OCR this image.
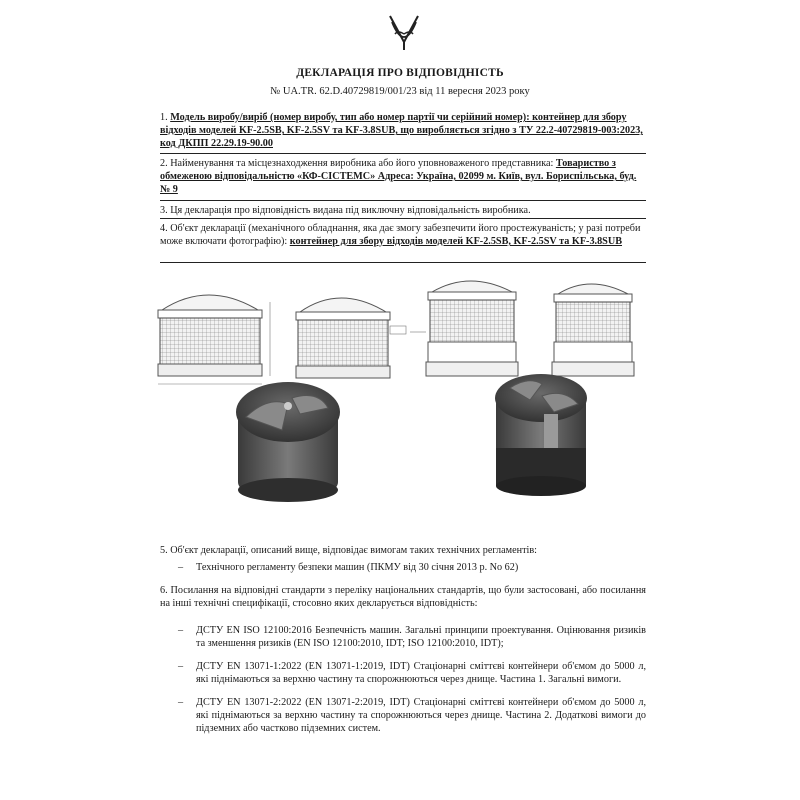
ДЕКЛАРАЦІЯ ПРО ВІДПОВІДНІСТЬ
№ UA.TR. 62.D.40729819/001/23 від 11 вересня 2023 року
1. Модель виробу/виріб (номер виробу, тип або номер партії чи серійний номер): контейнер для збору відходів моделей KF-2.5SB, KF-2.5SV та KF-3.8SUB, що виробляється згідно з ТУ 22.2-40729819-003:2023, код ДКПП 22.29.19-90.00
2. Найменування та місцезнаходження виробника або його уповноваженого представника: Товариство з обмеженою відповідальністю «КФ-СІСТЕМС» Адреса: Україна, 02099 м. Київ, вул. Бориспільська, буд. № 9
3. Ця декларація про відповідність видана під виключну відповідальність виробника.
4. Об'єкт декларації (механічного обладнання, яка дає змогу забезпечити його простежуваність; у разі потреби може включати фотографію): контейнер для збору відходів моделей KF-2.5SB, KF-2.5SV та KF-3.8SUB
5. Об'єкт декларації, описаний вище, відповідає вимогам таких технічних регламентів:
– Технічного регламенту безпеки машин (ПКМУ від 30 січня 2013 р. No 62)
6. Посилання на відповідні стандарти з переліку національних стандартів, що були застосовані, або посилання на інші технічні специфікації, стосовно яких декларується відповідність:
– ДСТУ EN ISO 12100:2016 Безпечність машин. Загальні принципи проектування. Оцінювання ризиків та зменшення ризиків (EN ISO 12100:2010, IDT; ISO 12100:2010, IDT);
– ДСТУ EN 13071-1:2022 (EN 13071-1:2019, IDT) Стаціонарні сміттєві контейнери об'ємом до 5000 л, які піднімаються за верхню частину та спорожнюються через днище. Частина 1. Загальні вимоги.
– ДСТУ EN 13071-2:2022 (EN 13071-2:2019, IDT) Стаціонарні сміттєві контейнери об'ємом до 5000 л, які піднімаються за верхню частину та спорожнюються через днище. Частина 2. Додаткові вимоги до підземних або частково підземних систем.
